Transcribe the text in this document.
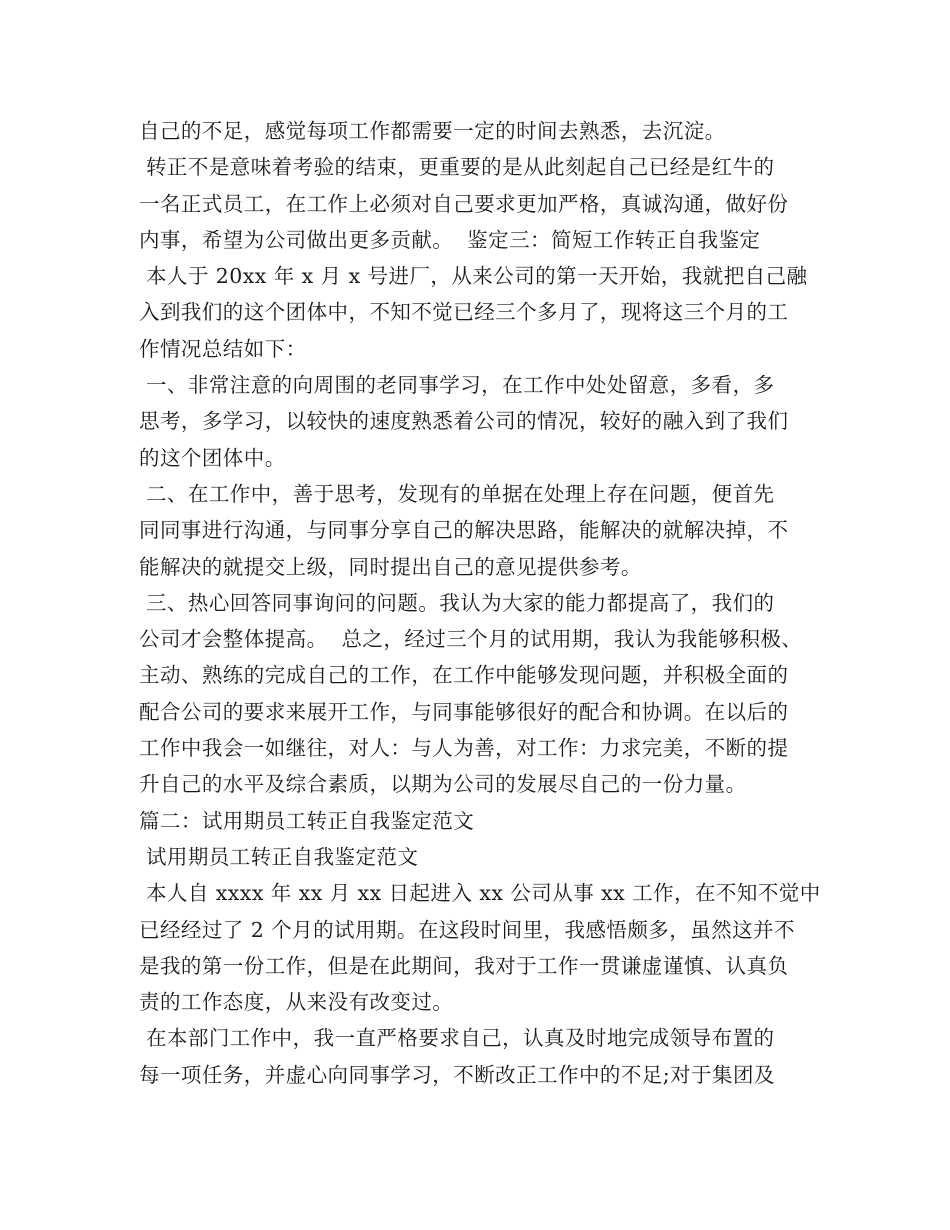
自己的不足，感觉每项工作都需要一定的时间去熟悉，去沉淀。
转正不是意味着考验的结束，更重要的是从此刻起自己已经是红牛的
一名正式员工，在工作上必须对自己要求更加严格，真诚沟通，做好份
内事，希望为公司做出更多贡献。  鉴定三：简短工作转正自我鉴定
本人于 20xx 年 x 月 x 号进厂，从来公司的第一天开始，我就把自己融
入到我们的这个团体中，不知不觉已经三个多月了，现将这三个月的工
作情况总结如下：
一、非常注意的向周围的老同事学习，在工作中处处留意，多看，多
思考，多学习，以较快的速度熟悉着公司的情况，较好的融入到了我们
的这个团体中。
二、在工作中，善于思考，发现有的单据在处理上存在问题，便首先
同同事进行沟通，与同事分享自己的解决思路，能解决的就解决掉，不
能解决的就提交上级，同时提出自己的意见提供参考。
三、热心回答同事询问的问题。我认为大家的能力都提高了，我们的
公司才会整体提高。  总之，经过三个月的试用期，我认为我能够积极、
主动、熟练的完成自己的工作，在工作中能够发现问题，并积极全面的
配合公司的要求来展开工作，与同事能够很好的配合和协调。在以后的
工作中我会一如继往，对人：与人为善，对工作：力求完美，不断的提
升自己的水平及综合素质，以期为公司的发展尽自己的一份力量。
篇二：试用期员工转正自我鉴定范文
试用期员工转正自我鉴定范文
本人自 xxxx 年 xx 月 xx 日起进入 xx 公司从事 xx 工作，在不知不觉中
已经经过了 2 个月的试用期。在这段时间里，我感悟颇多，虽然这并不
是我的第一份工作，但是在此期间，我对于工作一贯谦虚谨慎、认真负
责的工作态度，从来没有改变过。
在本部门工作中，我一直严格要求自己，认真及时地完成领导布置的
每一项任务，并虚心向同事学习，不断改正工作中的不足;对于集团及
